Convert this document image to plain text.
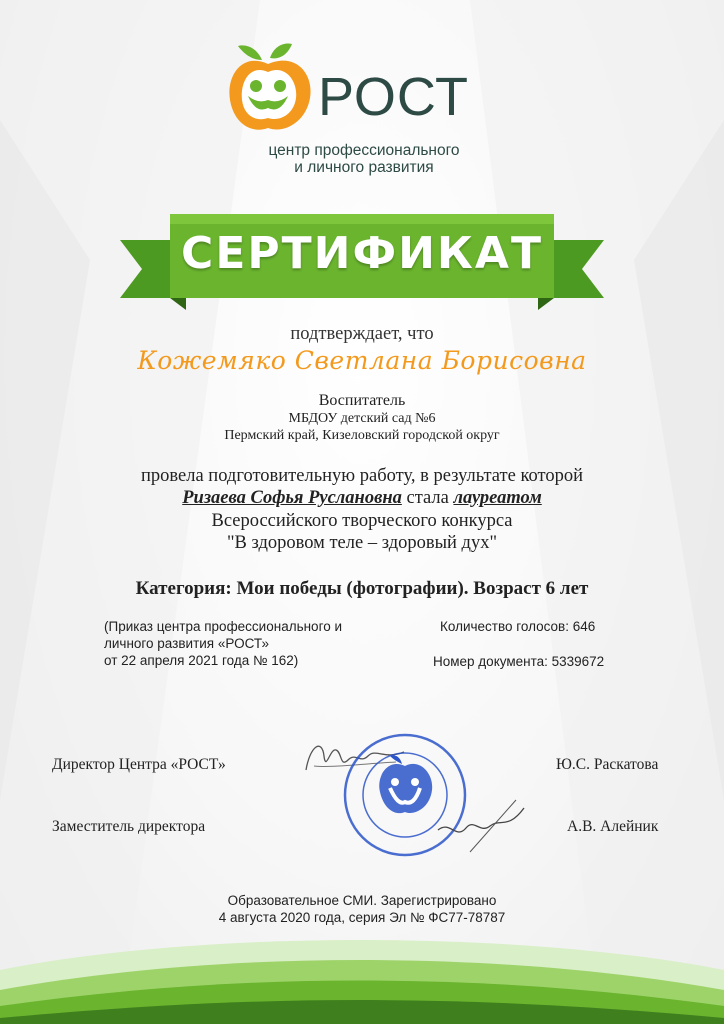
РОСТ
центр профессионального
и личного развития
СЕРТИФИКАТ
подтверждает, что
Кожемяко Светлана Борисовна
Воспитатель
МБДОУ детский сад №6
Пермский край, Кизеловский городской округ
провела подготовительную работу, в результате которой
Ризаева Софья Руслановна стала лауреатом
Всероссийского творческого конкурса
"В здоровом теле – здоровый дух"
Категория: Мои победы (фотографии). Возраст 6 лет
(Приказ центра профессионального и
личного развития «РОСТ»
от 22 апреля 2021 года № 162)
Количество голосов: 646
Номер документа: 5339672
Директор Центра «РОСТ»	Ю.С. Раскатова
Заместитель директора	А.В. Алейник
Образовательное СМИ. Зарегистрировано
4 августа 2020 года, серия Эл № ФС77-78787
